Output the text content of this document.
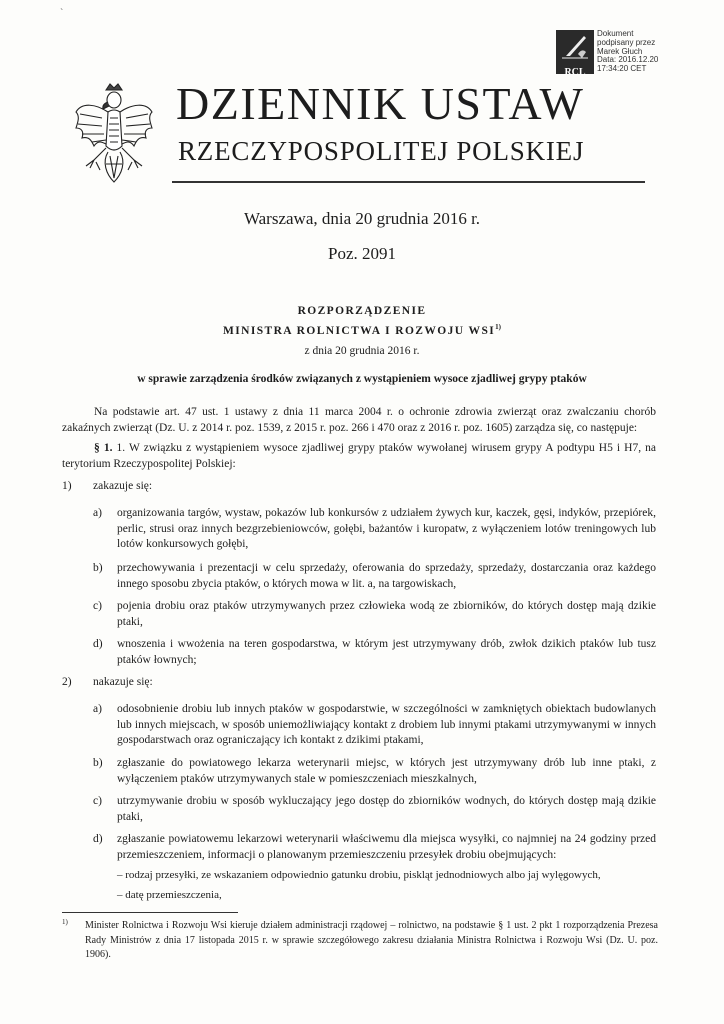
`
RCL
Dokument
podpisany przez
Marek Głuch
Data: 2016.12.20
17:34:20 CET
DZIENNIK USTAW
RZECZYPOSPOLITEJ POLSKIEJ
Warszawa, dnia 20 grudnia 2016 r.
Poz. 2091
ROZPORZĄDZENIE
MINISTRA ROLNICTWA I ROZWOJU WSI$^{1)}$
z dnia 20 grudnia 2016 r.
w sprawie zarządzenia środków związanych z wystąpieniem wysoce zjadliwej grypy ptaków
Na podstawie art. 47 ust. 1 ustawy z dnia 11 marca 2004 r. o ochronie zdrowia zwierząt oraz zwalczaniu chorób zakaźnych zwierząt (Dz. U. z 2014 r. poz. 1539, z 2015 r. poz. 266 i 470 oraz z 2016 r. poz. 1605) zarządza się, co następuje:
§ 1. 1. W związku z wystąpieniem wysoce zjadliwej grypy ptaków wywołanej wirusem grypy A podtypu H5 i H7, na terytorium Rzeczypospolitej Polskiej:
1) zakazuje się:
a) organizowania targów, wystaw, pokazów lub konkursów z udziałem żywych kur, kaczek, gęsi, indyków, przepiórek, perlic, strusi oraz innych bezgrzebieniowców, gołębi, bażantów i kuropatw, z wyłączeniem lotów treningowych lub lotów konkursowych gołębi,
b) przechowywania i prezentacji w celu sprzedaży, oferowania do sprzedaży, sprzedaży, dostarczania oraz każdego innego sposobu zbycia ptaków, o których mowa w lit. a, na targowiskach,
c) pojenia drobiu oraz ptaków utrzymywanych przez człowieka wodą ze zbiorników, do których dostęp mają dzikie ptaki,
d) wnoszenia i wwożenia na teren gospodarstwa, w którym jest utrzymywany drób, zwłok dzikich ptaków lub tusz ptaków łownych;
2) nakazuje się:
a) odosobnienie drobiu lub innych ptaków w gospodarstwie, w szczególności w zamkniętych obiektach budowlanych lub innych miejscach, w sposób uniemożliwiający kontakt z drobiem lub innymi ptakami utrzymywanymi w innych gospodarstwach oraz ograniczający ich kontakt z dzikimi ptakami,
b) zgłaszanie do powiatowego lekarza weterynarii miejsc, w których jest utrzymywany drób lub inne ptaki, z wyłączeniem ptaków utrzymywanych stale w pomieszczeniach mieszkalnych,
c) utrzymywanie drobiu w sposób wykluczający jego dostęp do zbiorników wodnych, do których dostęp mają dzikie ptaki,
d) zgłaszanie powiatowemu lekarzowi weterynarii właściwemu dla miejsca wysyłki, co najmniej na 24 godziny przed przemieszczeniem, informacji o planowanym przemieszczeniu przesyłek drobiu obejmujących:
– rodzaj przesyłki, ze wskazaniem odpowiednio gatunku drobiu, piskląt jednodniowych albo jaj wylęgowych,
– datę przemieszczenia,
1) Minister Rolnictwa i Rozwoju Wsi kieruje działem administracji rządowej – rolnictwo, na podstawie § 1 ust. 2 pkt 1 rozporządzenia Prezesa Rady Ministrów z dnia 17 listopada 2015 r. w sprawie szczegółowego zakresu działania Ministra Rolnictwa i Rozwoju Wsi (Dz. U. poz. 1906).
